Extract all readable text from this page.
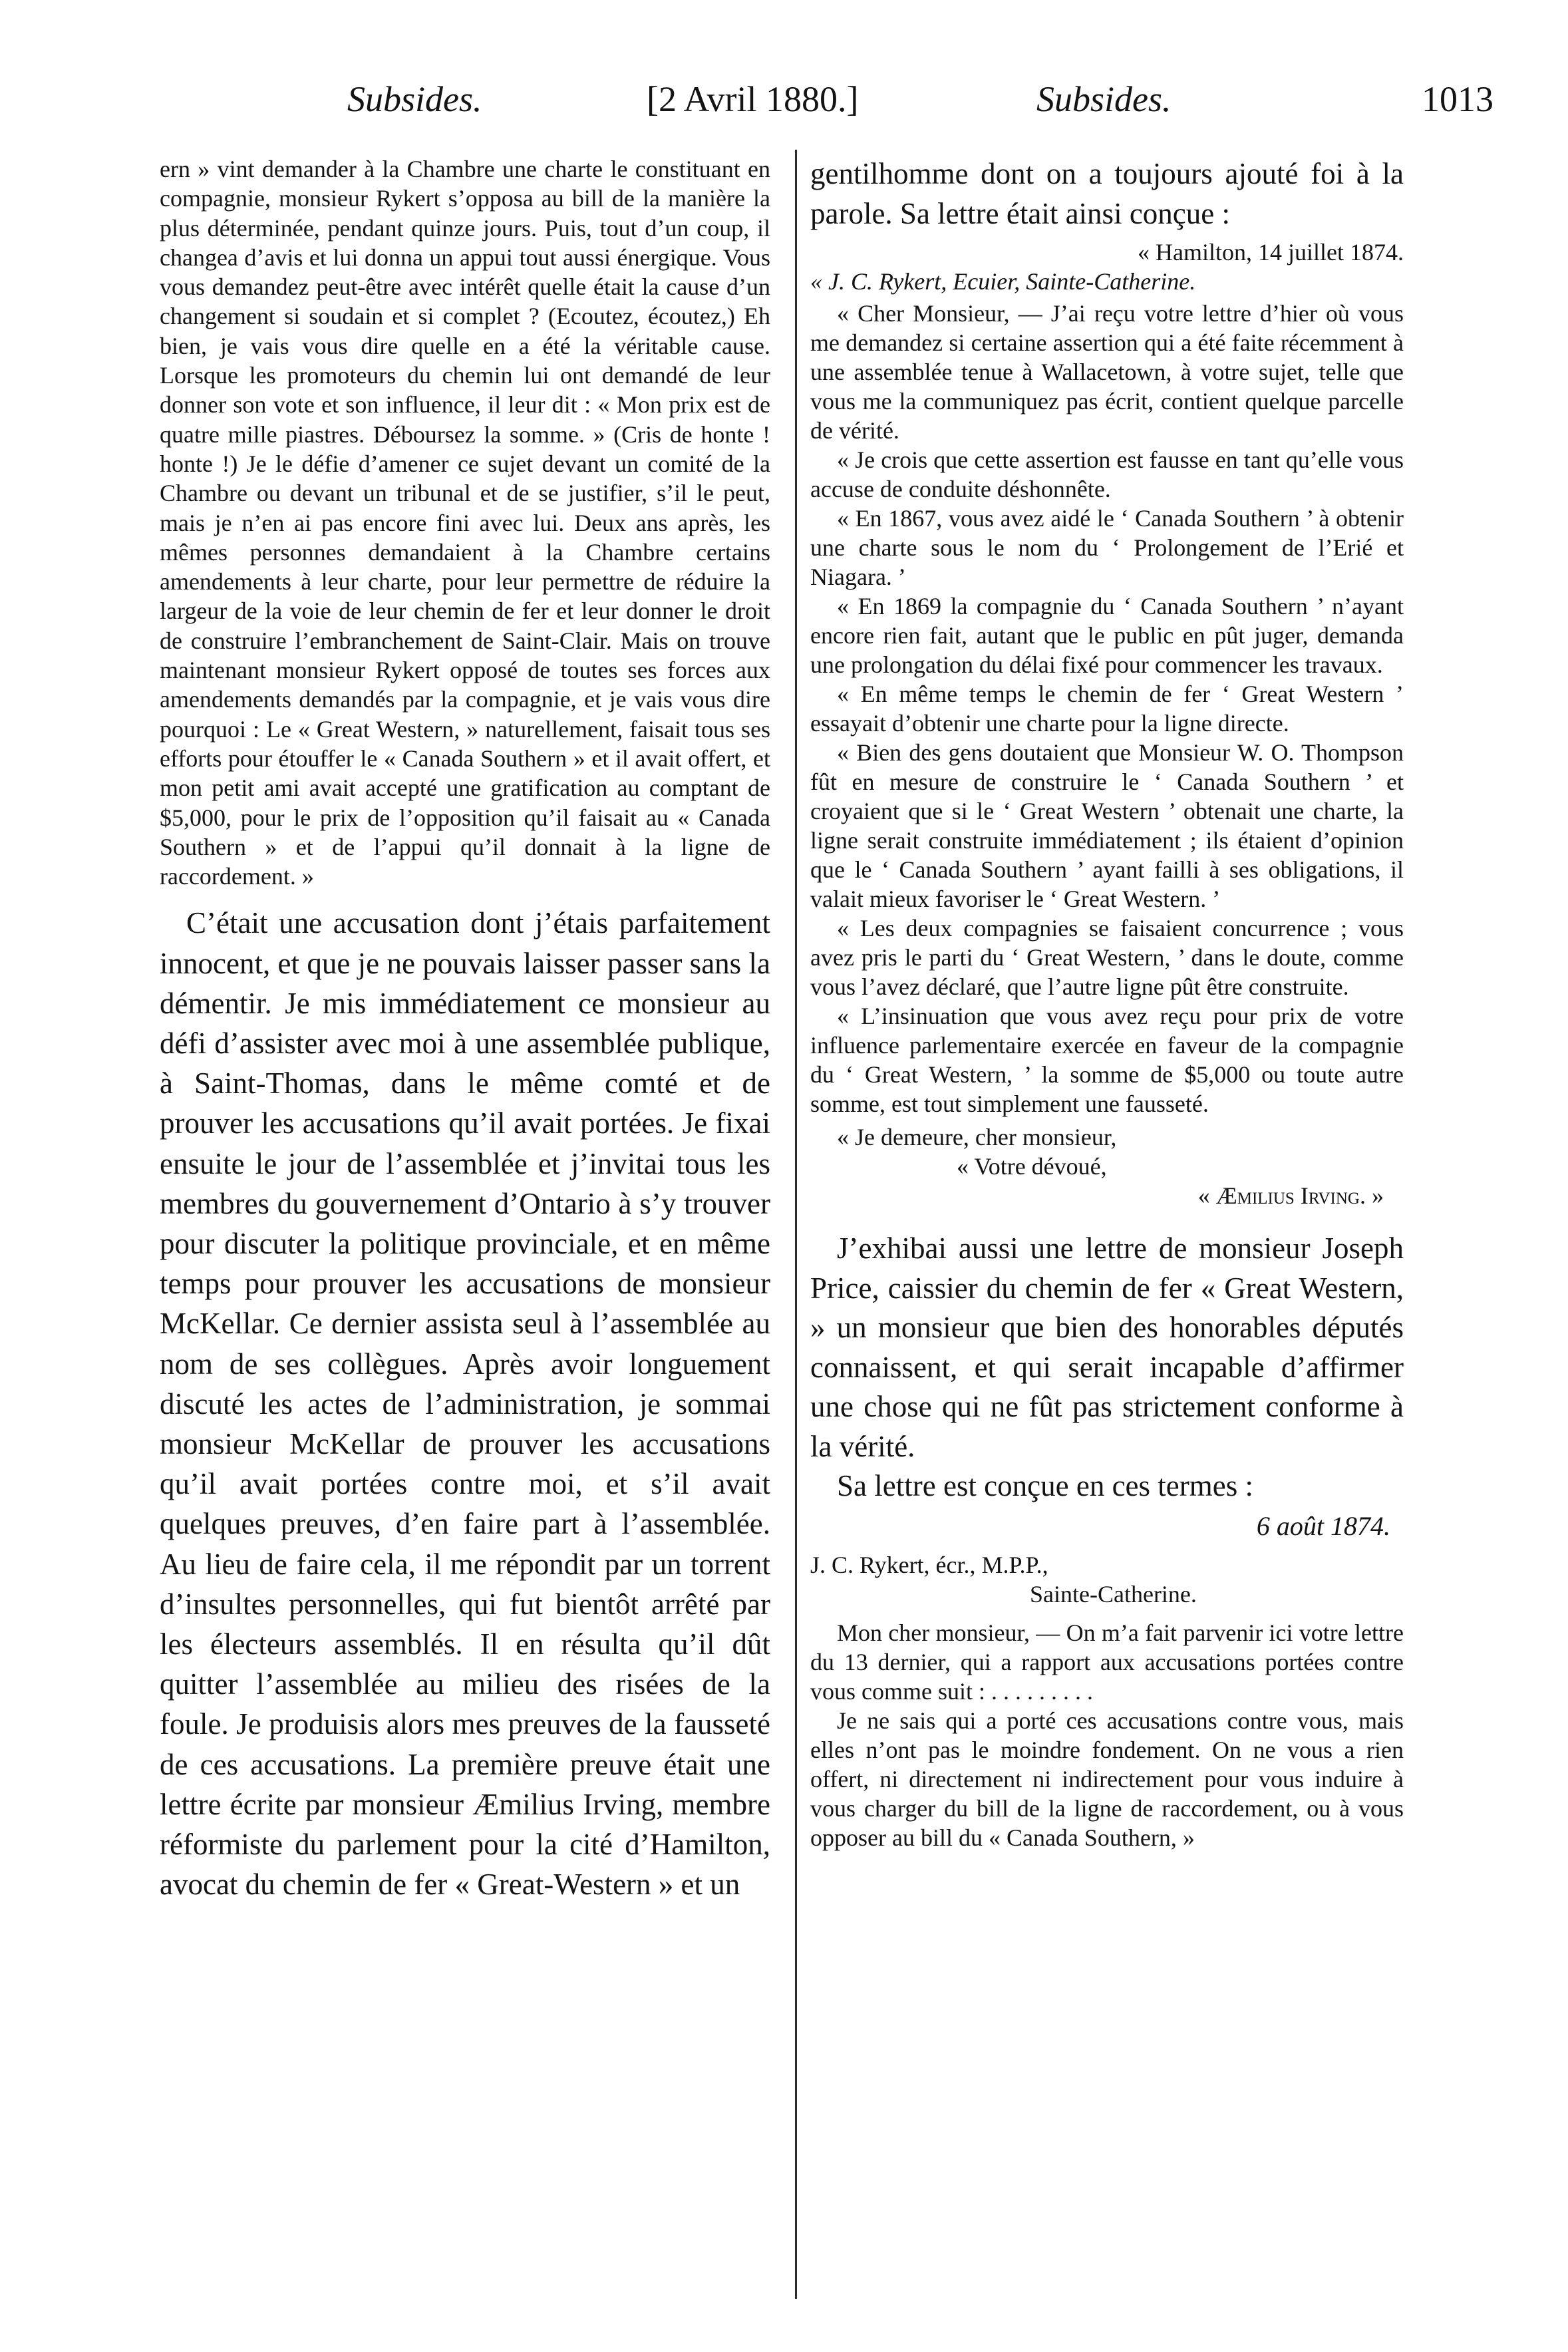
Subsides.	[2 Avril 1880.]	Subsides.	1013

ern » vint demander à la Chambre une charte le constituant en compagnie, monsieur Rykert s’opposa au bill de la manière la plus déterminée, pendant quinze jours. Puis, tout d’un coup, il changea d’avis et lui donna un appui tout aussi énergique. Vous vous demandez peut-être avec intérêt quelle était la cause d’un changement si soudain et si complet ? (Ecoutez, écoutez,) Eh bien, je vais vous dire quelle en a été la véritable cause. Lorsque les promoteurs du chemin lui ont demandé de leur donner son vote et son influence, il leur dit : « Mon prix est de quatre mille piastres. Déboursez la somme. » (Cris de honte ! honte !) Je le défie d’amener ce sujet devant un comité de la Chambre ou devant un tribunal et de se justifier, s’il le peut, mais je n’en ai pas encore fini avec lui. Deux ans après, les mêmes personnes demandaient à la Chambre certains amendements à leur charte, pour leur permettre de réduire la largeur de la voie de leur chemin de fer et leur donner le droit de construire l’embranchement de Saint-Clair. Mais on trouve maintenant monsieur Rykert opposé de toutes ses forces aux amendements demandés par la compagnie, et je vais vous dire pourquoi : Le « Great Western, » naturellement, faisait tous ses efforts pour étouffer le « Canada Southern » et il avait offert, et mon petit ami avait accepté une gratification au comptant de $5,000, pour le prix de l’opposition qu’il faisait au « Canada Southern » et de l’appui qu’il donnait à la ligne de raccordement. »

C’était une accusation dont j’étais parfaitement innocent, et que je ne pouvais laisser passer sans la démentir. Je mis immédiatement ce monsieur au défi d’assister avec moi à une assemblée publique, à Saint-Thomas, dans le même comté et de prouver les accusations qu’il avait portées. Je fixai ensuite le jour de l’assemblée et j’invitai tous les membres du gouvernement d’Ontario à s’y trouver pour discuter la politique provinciale, et en même temps pour prouver les accusations de monsieur McKellar. Ce dernier assista seul à l’assemblée au nom de ses collègues. Après avoir longuement discuté les actes de l’administration, je sommai monsieur McKellar de prouver les accusations qu’il avait portées contre moi, et s’il avait quelques preuves, d’en faire part à l’assemblée. Au lieu de faire cela, il me répondit par un torrent d’insultes personnelles, qui fut bientôt arrêté par les électeurs assemblés. Il en résulta qu’il dût quitter l’assemblée au milieu des risées de la foule. Je produisis alors mes preuves de la fausseté de ces accusations. La première preuve était une lettre écrite par monsieur Æmilius Irving, membre réformiste du parlement pour la cité d’Hamilton, avocat du chemin de fer « Great-Western » et un

gentilhomme dont on a toujours ajouté foi à la parole. Sa lettre était ainsi conçue :

« Hamilton, 14 juillet 1874.

« J. C. Rykert, Ecuier, Sainte-Catherine.

« Cher Monsieur, — J’ai reçu votre lettre d’hier où vous me demandez si certaine assertion qui a été faite récemment à une assemblée tenue à Wallacetown, à votre sujet, telle que vous me la communiquez pas écrit, contient quelque parcelle de vérité.

« Je crois que cette assertion est fausse en tant qu’elle vous accuse de conduite déshonnête.

« En 1867, vous avez aidé le ‘ Canada Southern ’ à obtenir une charte sous le nom du ‘ Prolongement de l’Erié et Niagara. ’

« En 1869 la compagnie du ‘ Canada Southern ’ n’ayant encore rien fait, autant que le public en pût juger, demanda une prolongation du délai fixé pour commencer les travaux.

« En même temps le chemin de fer ‘ Great Western ’ essayait d’obtenir une charte pour la ligne directe.

« Bien des gens doutaient que Monsieur W. O. Thompson fût en mesure de construire le ‘ Canada Southern ’ et croyaient que si le ‘ Great Western ’ obtenait une charte, la ligne serait construite immédiatement ; ils étaient d’opinion que le ‘ Canada Southern ’ ayant failli à ses obligations, il valait mieux favoriser le ‘ Great Western. ’

« Les deux compagnies se faisaient concurrence ; vous avez pris le parti du ‘ Great Western, ’ dans le doute, comme vous l’avez déclaré, que l’autre ligne pût être construite.

« L’insinuation que vous avez reçu pour prix de votre influence parlementaire exercée en faveur de la compagnie du ‘ Great Western, ’ la somme de $5,000 ou toute autre somme, est tout simplement une fausseté.

« Je demeure, cher monsieur,

« Votre dévoué,

« Æmilius Irving. »

J’exhibai aussi une lettre de monsieur Joseph Price, caissier du chemin de fer « Great Western, » un monsieur que bien des honorables députés connaissent, et qui serait incapable d’affirmer une chose qui ne fût pas strictement conforme à la vérité.

Sa lettre est conçue en ces termes :

6 août 1874.

J. C. Rykert, écr., M.P.P.,

Sainte-Catherine.

Mon cher monsieur, — On m’a fait parvenir ici votre lettre du 13 dernier, qui a rapport aux accusations portées contre vous comme suit : . . . . . . . . .

Je ne sais qui a porté ces accusations contre vous, mais elles n’ont pas le moindre fondement. On ne vous a rien offert, ni directement ni indirectement pour vous induire à vous charger du bill de la ligne de raccordement, ou à vous opposer au bill du « Canada Southern, »
